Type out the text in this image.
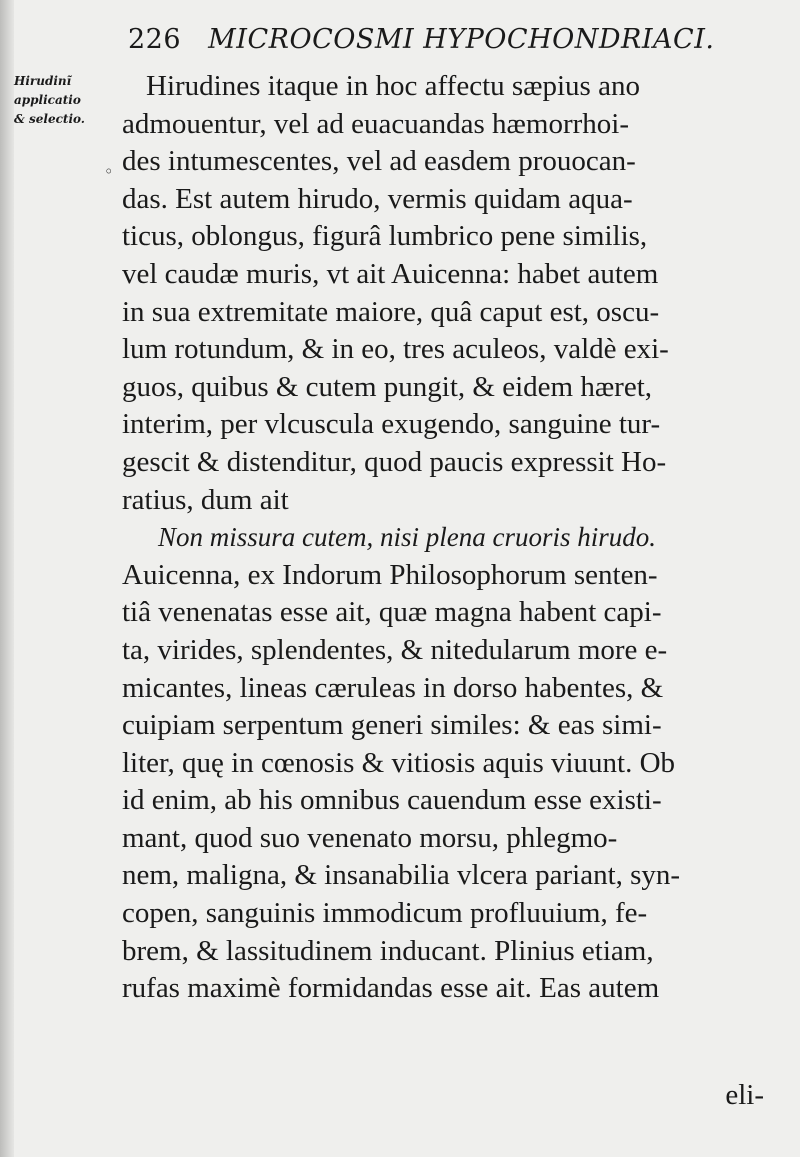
226 MICROCOSMI HYPOCHONDRIACI.
Hirudinĩ
applicatio
& selectio.
◦
Hirudines itaque in hoc affectu sæpius ano
admouentur, vel ad euacuandas hæmorrhoi-
des intumescentes, vel ad easdem prouocan-
das. Est autem hirudo, vermis quidam aqua-
ticus, oblongus, figurâ lumbrico pene similis,
vel caudæ muris, vt ait Auicenna: habet autem
in sua extremitate maiore, quâ caput est, oscu-
lum rotundum, & in eo, tres aculeos, valdè exi-
guos, quibus & cutem pungit, & eidem hæret,
interim, per vlcuscula exugendo, sanguine tur-
gescit & distenditur, quod paucis expressit Ho-
ratius, dum ait
Non missura cutem, nisi plena cruoris hirudo.
Auicenna, ex Indorum Philosophorum senten-
tiâ venenatas esse ait, quæ magna habent capi-
ta, virides, splendentes, & nitedularum more e-
micantes, lineas cæruleas in dorso habentes, &
cuipiam serpentum generi similes: & eas simi-
liter, quę in cœnosis & vitiosis aquis viuunt. Ob
id enim, ab his omnibus cauendum esse existi-
mant, quod suo venenato morsu, phlegmo-
nem, maligna, & insanabilia vlcera pariant, syn-
copen, sanguinis immodicum profluuium, fe-
brem, & lassitudinem inducant. Plinius etiam,
rufas maximè formidandas esse ait. Eas autem
eli-
